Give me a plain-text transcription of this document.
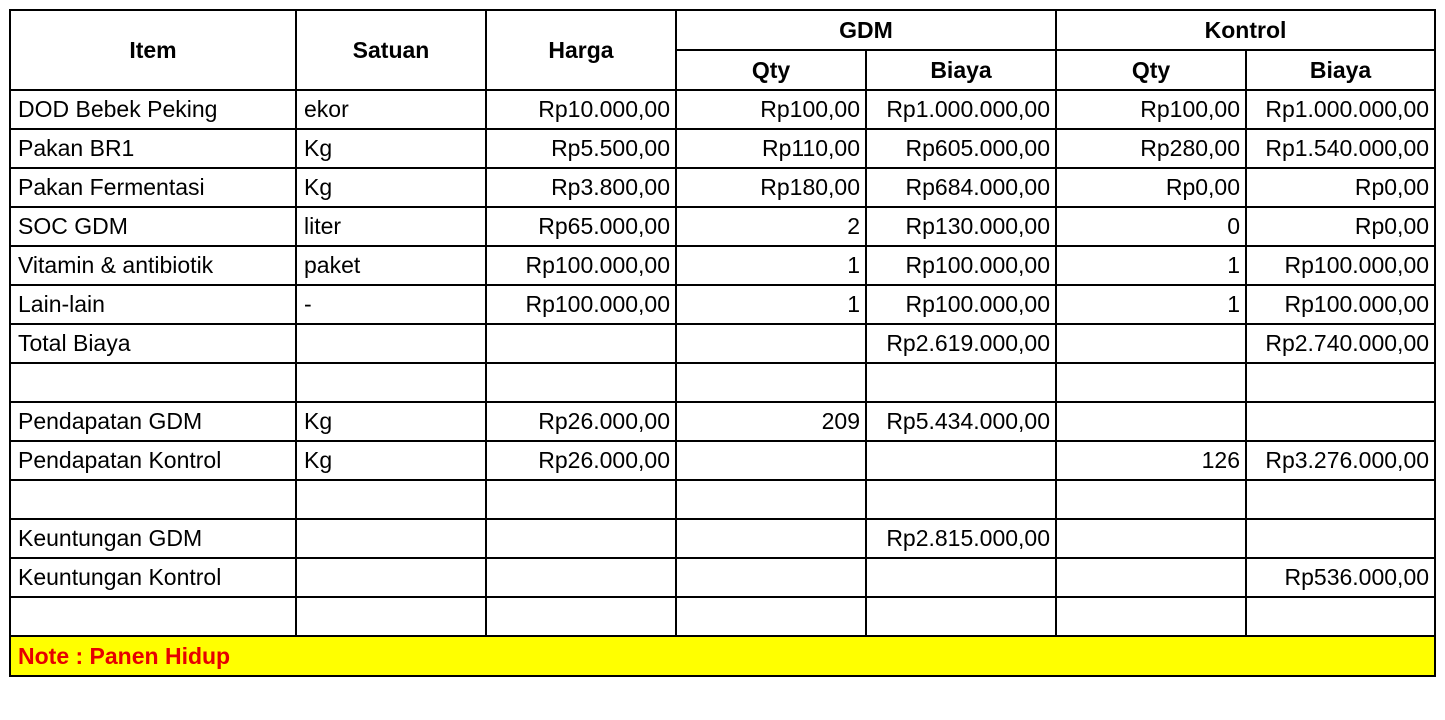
Item	Satuan	Harga	GDM		Kontrol	
			Qty	Biaya	Qty	Biaya
DOD Bebek Peking	ekor	Rp10.000,00	Rp100,00	Rp1.000.000,00	Rp100,00	Rp1.000.000,00
Pakan BR1	Kg	Rp5.500,00	Rp110,00	Rp605.000,00	Rp280,00	Rp1.540.000,00
Pakan Fermentasi	Kg	Rp3.800,00	Rp180,00	Rp684.000,00	Rp0,00	Rp0,00
SOC GDM	liter	Rp65.000,00	2	Rp130.000,00	0	Rp0,00
Vitamin & antibiotik	paket	Rp100.000,00	1	Rp100.000,00	1	Rp100.000,00
Lain-lain	-	Rp100.000,00	1	Rp100.000,00	1	Rp100.000,00
Total Biaya				Rp2.619.000,00		Rp2.740.000,00

Pendapatan GDM	Kg	Rp26.000,00	209	Rp5.434.000,00		
Pendapatan Kontrol	Kg	Rp26.000,00			126	Rp3.276.000,00

Keuntungan GDM				Rp2.815.000,00		
Keuntungan Kontrol						Rp536.000,00

Note : Panen Hidup						
